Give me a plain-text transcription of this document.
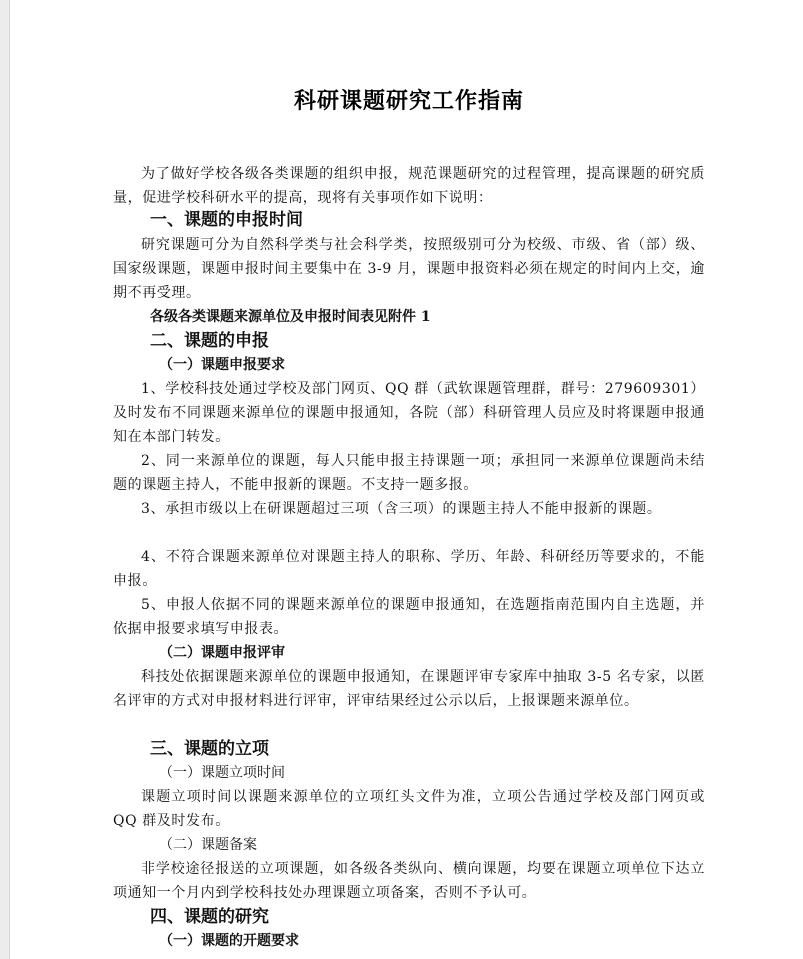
科研课题研究工作指南
为了做好学校各级各类课题的组织申报，规范课题研究的过程管理，提高课题的研究质量，促进学校科研水平的提高，现将有关事项作如下说明：
一、课题的申报时间
研究课题可分为自然科学类与社会科学类，按照级别可分为校级、市级、省（部）级、国家级课题，课题申报时间主要集中在 3-9 月，课题申报资料必须在规定的时间内上交，逾期不再受理。
各级各类课题来源单位及申报时间表见附件 1
二、课题的申报
（一）课题申报要求
1、学校科技处通过学校及部门网页、QQ 群（武软课题管理群，群号：279609301）及时发布不同课题来源单位的课题申报通知，各院（部）科研管理人员应及时将课题申报通知在本部门转发。
2、同一来源单位的课题，每人只能申报主持课题一项；承担同一来源单位课题尚未结题的课题主持人，不能申报新的课题。不支持一题多报。
3、承担市级以上在研课题超过三项（含三项）的课题主持人不能申报新的课题。
4、不符合课题来源单位对课题主持人的职称、学历、年龄、科研经历等要求的，不能申报。
5、申报人依据不同的课题来源单位的课题申报通知，在选题指南范围内自主选题，并依据申报要求填写申报表。
（二）课题申报评审
科技处依据课题来源单位的课题申报通知，在课题评审专家库中抽取 3-5 名专家，以匿名评审的方式对申报材料进行评审，评审结果经过公示以后，上报课题来源单位。
三、课题的立项
（一）课题立项时间
课题立项时间以课题来源单位的立项红头文件为准，立项公告通过学校及部门网页或 QQ 群及时发布。
（二）课题备案
非学校途径报送的立项课题，如各级各类纵向、横向课题，均要在课题立项单位下达立项通知一个月内到学校科技处办理课题立项备案，否则不予认可。
四、课题的研究
（一）课题的开题要求
